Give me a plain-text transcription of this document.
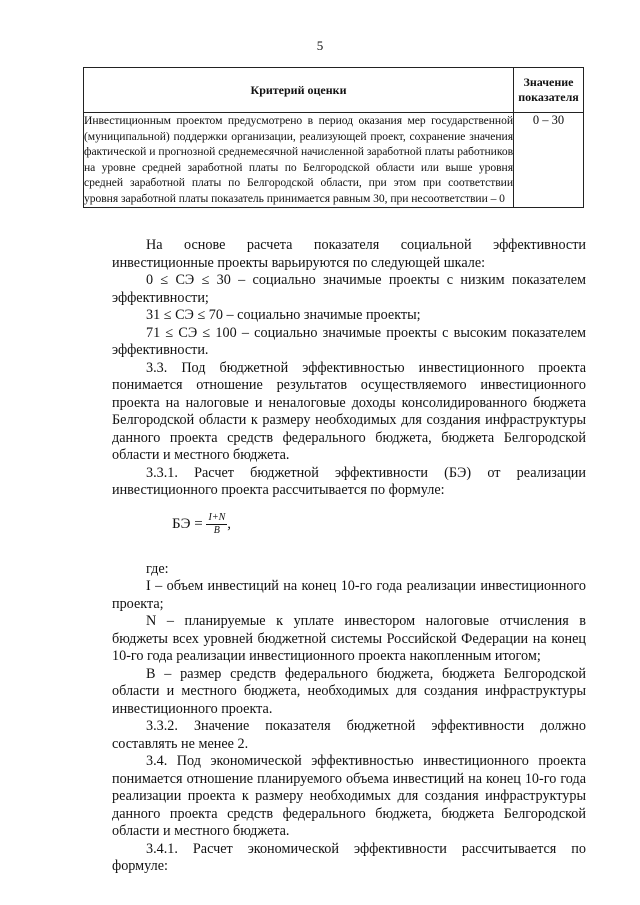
5
Критерий оценки	Значение
показателя
Инвестиционным проектом предусмотрено в период оказания мер государственной (муниципальной) поддержки организации, реализующей проект, сохранение значения фактической и прогнозной среднемесячной начисленной заработной платы работников на уровне средней заработной платы по Белгородской области или выше уровня средней заработной платы по Белгородской области, при этом при соответствии уровня заработной платы показатель принимается равным 30, при несоответствии – 0	0 – 30

На основе расчета показателя социальной эффективности инвестиционные проекты варьируются по следующей шкале:

0 ≤ СЭ ≤ 30 – социально значимые проекты с низким показателем эффективности;

31 ≤ СЭ ≤ 70 – социально значимые проекты;

71 ≤ СЭ ≤ 100 – социально значимые проекты с высоким показателем эффективности.

3.3. Под бюджетной эффективностью инвестиционного проекта понимается отношение результатов осуществляемого инвестиционного проекта на налоговые и неналоговые доходы консолидированного бюджета Белгородской области к размеру необходимых для создания инфраструктуры данного проекта средств федерального бюджета, бюджета Белгородской области и местного бюджета.

3.3.1. Расчет бюджетной эффективности (БЭ) от реализации инвестиционного проекта рассчитывается по формуле:

БЭ = $\frac{I+N}{B}$ ,

где:

I – объем инвестиций на конец 10-го года реализации инвестиционного проекта;

N – планируемые к уплате инвестором налоговые отчисления в бюджеты всех уровней бюджетной системы Российской Федерации на конец 10-го года реализации инвестиционного проекта накопленным итогом;

В – размер средств федерального бюджета, бюджета Белгородской области и местного бюджета, необходимых для создания инфраструктуры инвестиционного проекта.

3.3.2. Значение показателя бюджетной эффективности должно составлять не менее 2.

3.4. Под экономической эффективностью инвестиционного проекта понимается отношение планируемого объема инвестиций на конец 10-го года реализации проекта к размеру необходимых для создания инфраструктуры данного проекта средств федерального бюджета, бюджета Белгородской области и местного бюджета.

3.4.1. Расчет экономической эффективности рассчитывается по формуле:
